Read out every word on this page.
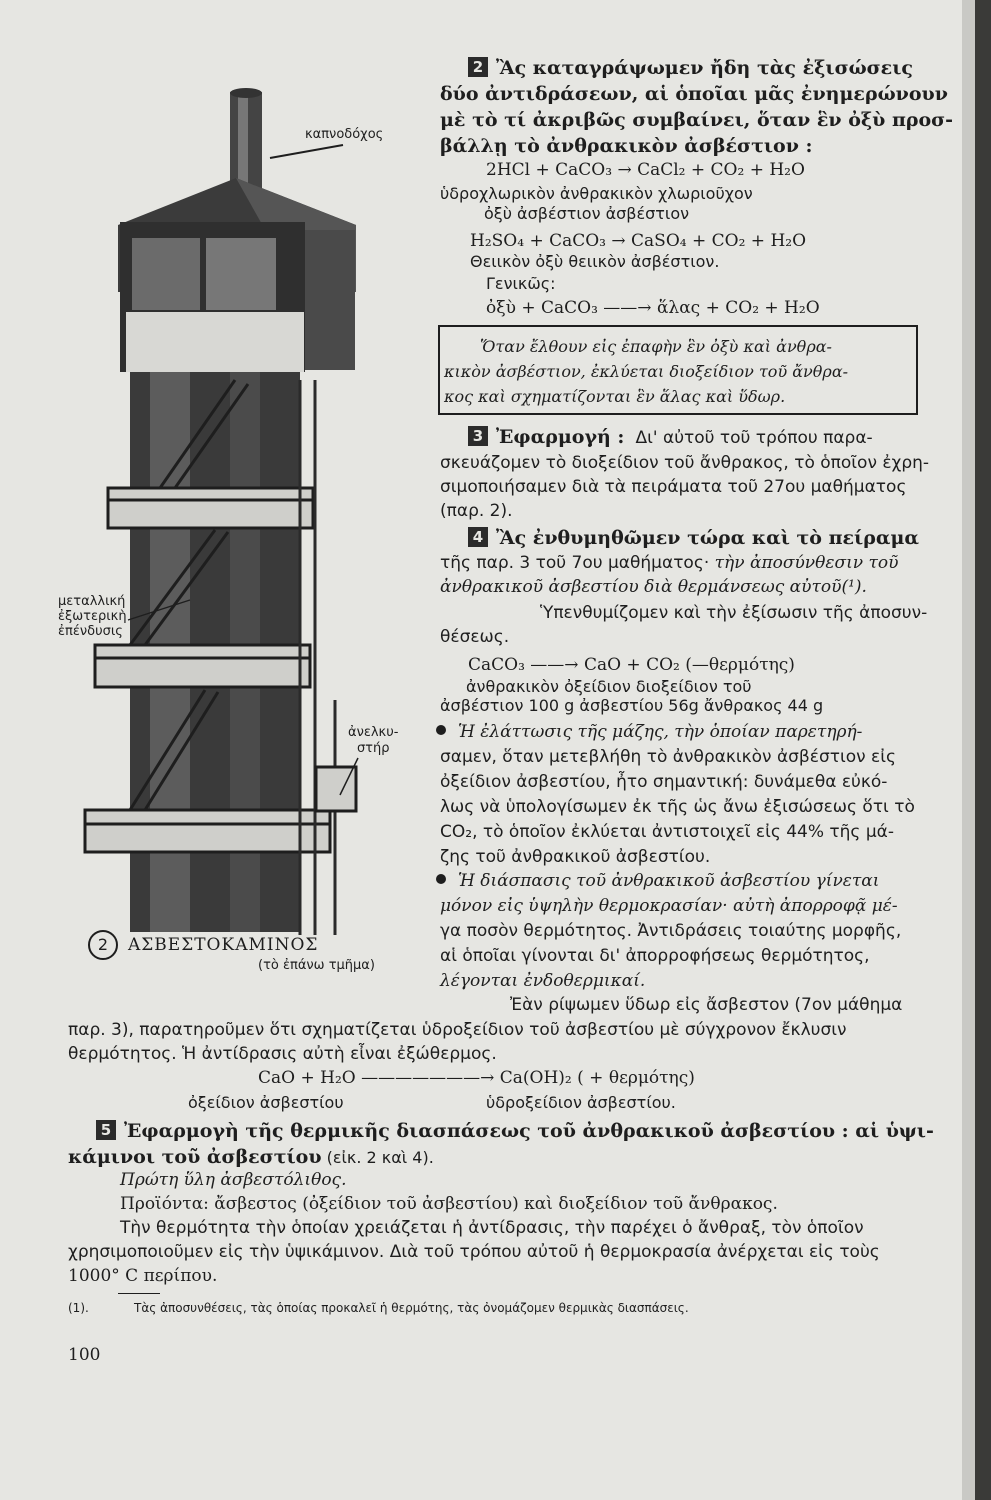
καπνοδόχος
μεταλλική
ἐξωτερικὴ
ἐπένδυσις
ἀνελκυ-
στήρ
2 ΑΣΒΕΣΤΟΚΑΜΙΝΟΣ
(τὸ ἐπάνω τμῆμα)
2 Ἂς καταγράψωμεν ἤδη τὰς ἐξισώσεις
δύο ἀντιδράσεων, αἱ ὁποῖαι μᾶς ἐνημερώνουν
μὲ τὸ τί ἀκριβῶς συμβαίνει, ὅταν ἓν ὀξὺ προσ-
βάλλῃ τὸ ἀνθρακικὸν ἀσβέστιον :
2HCl + CaCO₃ → CaCl₂ + CO₂ + H₂O
ὑδροχλωρικὸν ἀνθρακικὸν χλωριοῦχον
ὀξὺ ἀσβέστιον ἀσβέστιον
H₂SO₄ + CaCO₃ → CaSO₄ + CO₂ + H₂O
Θειικὸν ὀξὺ θειικὸν ἀσβέστιον.
Γενικῶς:
ὀξὺ + CaCO₃ ——→ ἅλας + CO₂ + H₂O
Ὅταν ἔλθουν εἰς ἐπαφὴν ἓν ὀξὺ καὶ ἀνθρα-
κικὸν ἀσβέστιον, ἐκλύεται διοξείδιον τοῦ ἄνθρα-
κος καὶ σχηματίζονται ἓν ἅλας καὶ ὕδωρ.
3 Ἐφαρμογή : Δι' αὐτοῦ τοῦ τρόπου παρα-
σκευάζομεν τὸ διοξείδιον τοῦ ἄνθρακος, τὸ ὁποῖον ἐχρη-
σιμοποιήσαμεν διὰ τὰ πειράματα τοῦ 27ου μαθήματος
(παρ. 2).
4 Ἂς ἐνθυμηθῶμεν τώρα καὶ τὸ πείραμα
τῆς παρ. 3 τοῦ 7ου μαθήματος· τὴν ἀποσύνθεσιν τοῦ
ἀνθρακικοῦ ἀσβεστίου διὰ θερμάνσεως αὐτοῦ(¹).
Ὑπενθυμίζομεν καὶ τὴν ἐξίσωσιν τῆς ἀποσυν-
θέσεως.
CaCO₃ ——→ CaO + CO₂ (—θερμότης)
ἀνθρακικὸν ὀξείδιον διοξείδιον τοῦ
ἀσβέστιον 100 g ἀσβεστίου 56g ἄνθρακος 44 g
Ἡ ἐλάττωσις τῆς μάζης, τὴν ὁποίαν παρετηρή-
σαμεν, ὅταν μετεβλήθη τὸ ἀνθρακικὸν ἀσβέστιον εἰς
ὀξείδιον ἀσβεστίου, ἦτο σημαντική: δυνάμεθα εὐκό-
λως νὰ ὑπολογίσωμεν ἐκ τῆς ὡς ἄνω ἐξισώσεως ὅτι τὸ
CO₂, τὸ ὁποῖον ἐκλύεται ἀντιστοιχεῖ εἰς 44% τῆς μά-
ζης τοῦ ἀνθρακικοῦ ἀσβεστίου.
Ἡ διάσπασις τοῦ ἀνθρακικοῦ ἀσβεστίου γίνεται
μόνον εἰς ὑψηλὴν θερμοκρασίαν· αὐτὴ ἀπορροφᾷ μέ-
γα ποσὸν θερμότητος. Ἀντιδράσεις τοιαύτης μορφῆς,
αἱ ὁποῖαι γίνονται δι' ἀπορροφήσεως θερμότητος,
λέγονται ἐνδοθερμικαί.
Ἐὰν ρίψωμεν ὕδωρ εἰς ἄσβεστον (7ον μάθημα
παρ. 3), παρατηροῦμεν ὅτι σχηματίζεται ὑδροξείδιον τοῦ ἀσβεστίου μὲ σύγχρονον ἔκλυσιν
θερμότητος. Ἡ ἀντίδρασις αὐτὴ εἶναι ἐξώθερμος.
CaO + H₂O ———————→ Ca(OH)₂ ( + θερμότης)
ὀξείδιον ἀσβεστίου	ὑδροξείδιον ἀσβεστίου.
5 Ἐφαρμογὴ τῆς θερμικῆς διασπάσεως τοῦ ἀνθρακικοῦ ἀσβεστίου : αἱ ὑψι-
κάμινοι τοῦ ἀσβεστίου (εἰκ. 2 καὶ 4).
Πρώτη ὕλη ἀσβεστόλιθος.
Προϊόντα: ἄσβεστος (ὀξείδιον τοῦ ἀσβεστίου) καὶ διοξείδιον τοῦ ἄνθρακος.
Τὴν θερμότητα τὴν ὁποίαν χρειάζεται ἡ ἀντίδρασις, τὴν παρέχει ὁ ἄνθραξ, τὸν ὁποῖον
χρησιμοποιοῦμεν εἰς τὴν ὑψικάμινον. Διὰ τοῦ τρόπου αὐτοῦ ἡ θερμοκρασία ἀνέρχεται εἰς τοὺς
1000° C περίπου.
(1).	Τὰς ἀποσυνθέσεις, τὰς ὁποίας προκαλεῖ ἡ θερμότης, τὰς ὀνομάζομεν θερμικὰς διασπάσεις.
100
